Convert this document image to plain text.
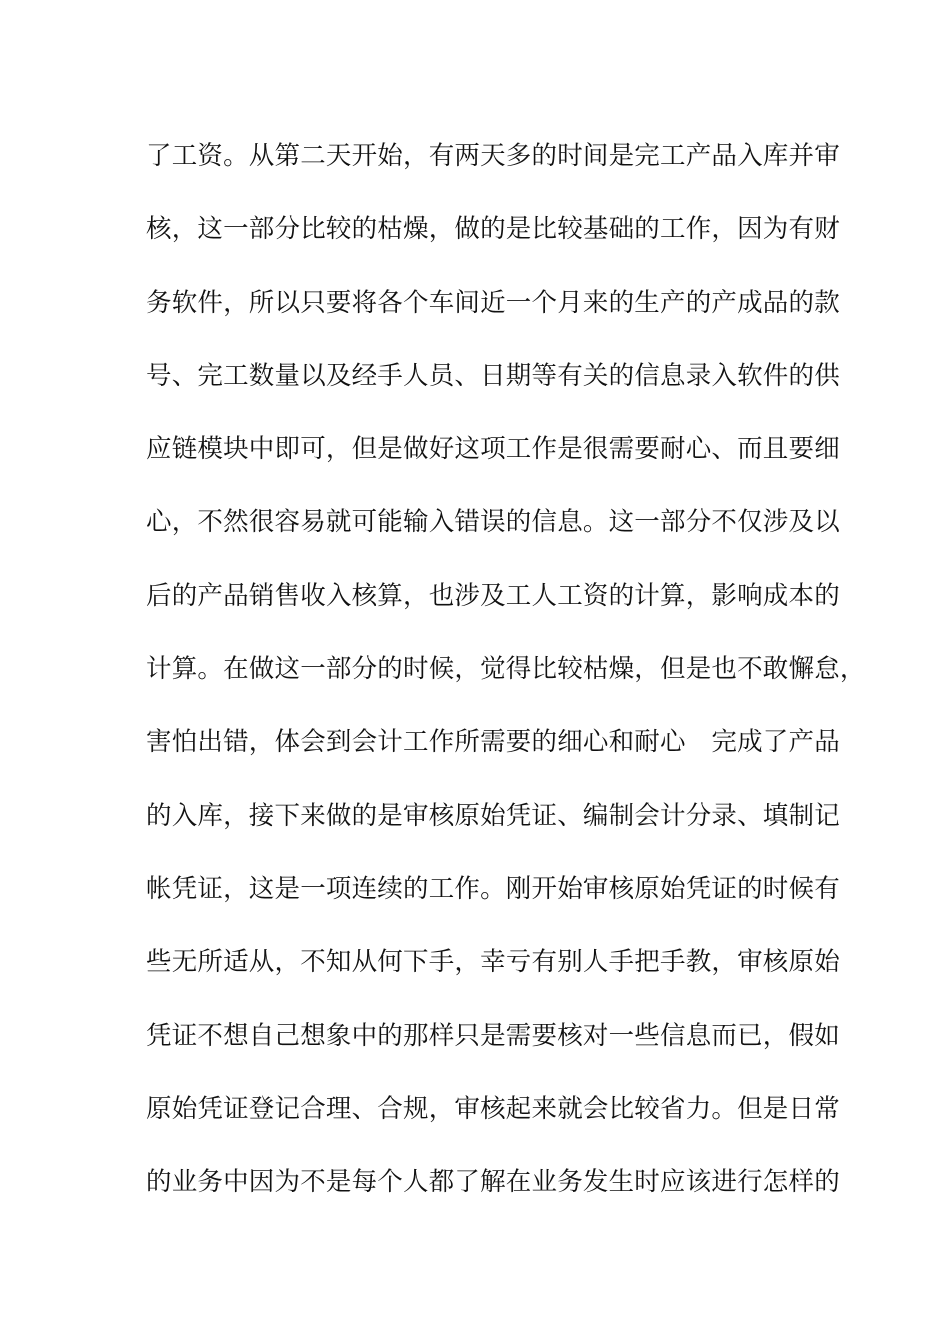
了工资。从第二天开始，有两天多的时间是完工产品入库并审
核，这一部分比较的枯燥，做的是比较基础的工作，因为有财
务软件，所以只要将各个车间近一个月来的生产的产成品的款
号、完工数量以及经手人员、日期等有关的信息录入软件的供
应链模块中即可，但是做好这项工作是很需要耐心、而且要细
心，不然很容易就可能输入错误的信息。这一部分不仅涉及以
后的产品销售收入核算，也涉及工人工资的计算，影响成本的
计算。在做这一部分的时候，觉得比较枯燥，但是也不敢懈怠，
害怕出错，体会到会计工作所需要的细心和耐心　完成了产品
的入库，接下来做的是审核原始凭证、编制会计分录、填制记
帐凭证，这是一项连续的工作。刚开始审核原始凭证的时候有
些无所适从，不知从何下手，幸亏有别人手把手教，审核原始
凭证不想自己想象中的那样只是需要核对一些信息而已，假如
原始凭证登记合理、合规，审核起来就会比较省力。但是日常
的业务中因为不是每个人都了解在业务发生时应该进行怎样的
